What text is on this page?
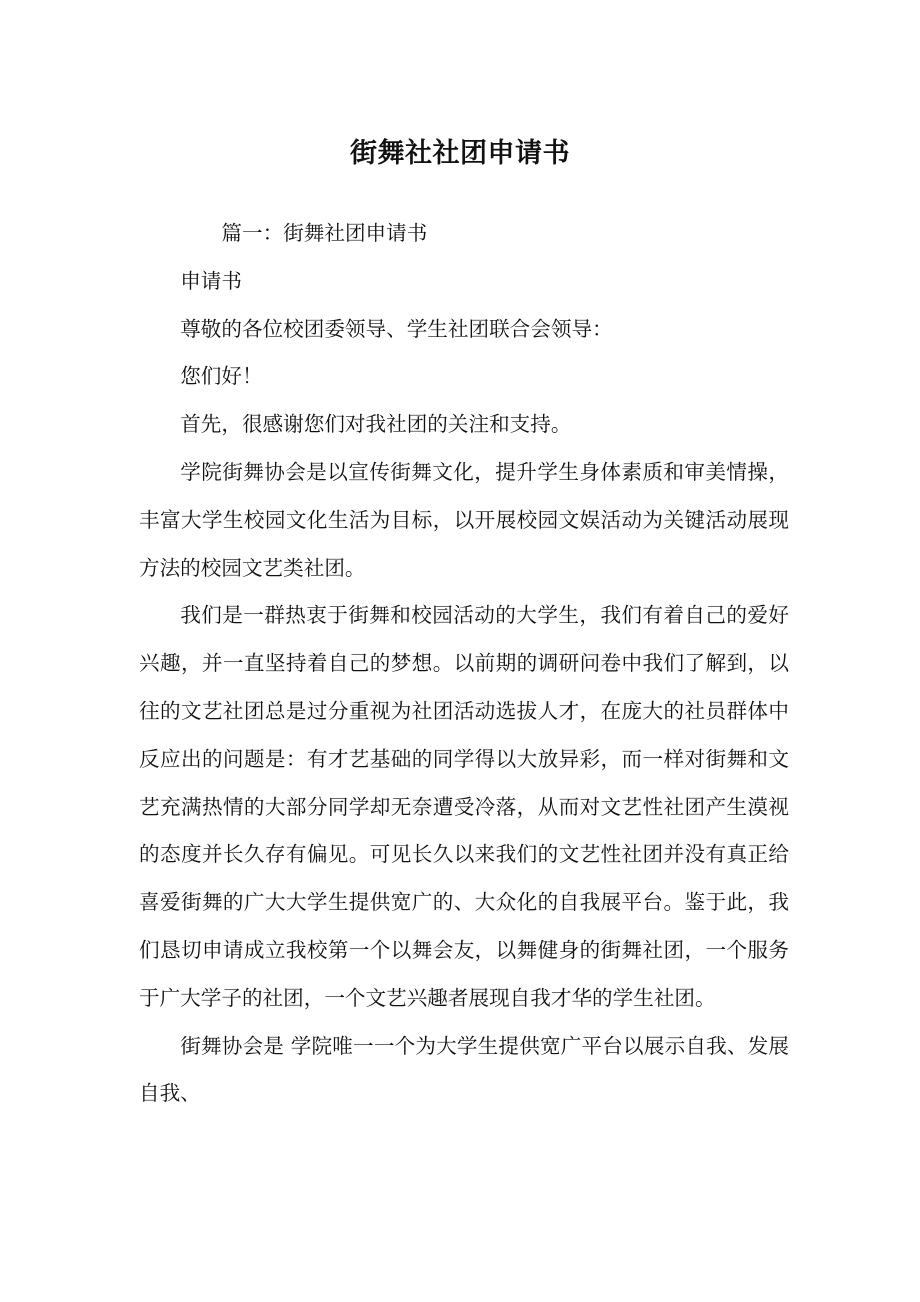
街舞社社团申请书

篇一：街舞社团申请书

申请书

尊敬的各位校团委领导、学生社团联合会领导：

您们好！

首先，很感谢您们对我社团的关注和支持。

学院街舞协会是以宣传街舞文化，提升学生身体素质和审美情操，丰富大学生校园文化生活为目标，以开展校园文娱活动为关键活动展现方法的校园文艺类社团。

我们是一群热衷于街舞和校园活动的大学生，我们有着自己的爱好兴趣，并一直坚持着自己的梦想。以前期的调研问卷中我们了解到，以往的文艺社团总是过分重视为社团活动选拔人才，在庞大的社员群体中反应出的问题是：有才艺基础的同学得以大放异彩，而一样对街舞和文艺充满热情的大部分同学却无奈遭受冷落，从而对文艺性社团产生漠视的态度并长久存有偏见。可见长久以来我们的文艺性社团并没有真正给喜爱街舞的广大大学生提供宽广的、大众化的自我展平台。鉴于此，我们恳切申请成立我校第一个以舞会友，以舞健身的街舞社团，一个服务于广大学子的社团，一个文艺兴趣者展现自我才华的学生社团。

街舞协会是 学院唯一一个为大学生提供宽广平台以展示自我、发展自我、
